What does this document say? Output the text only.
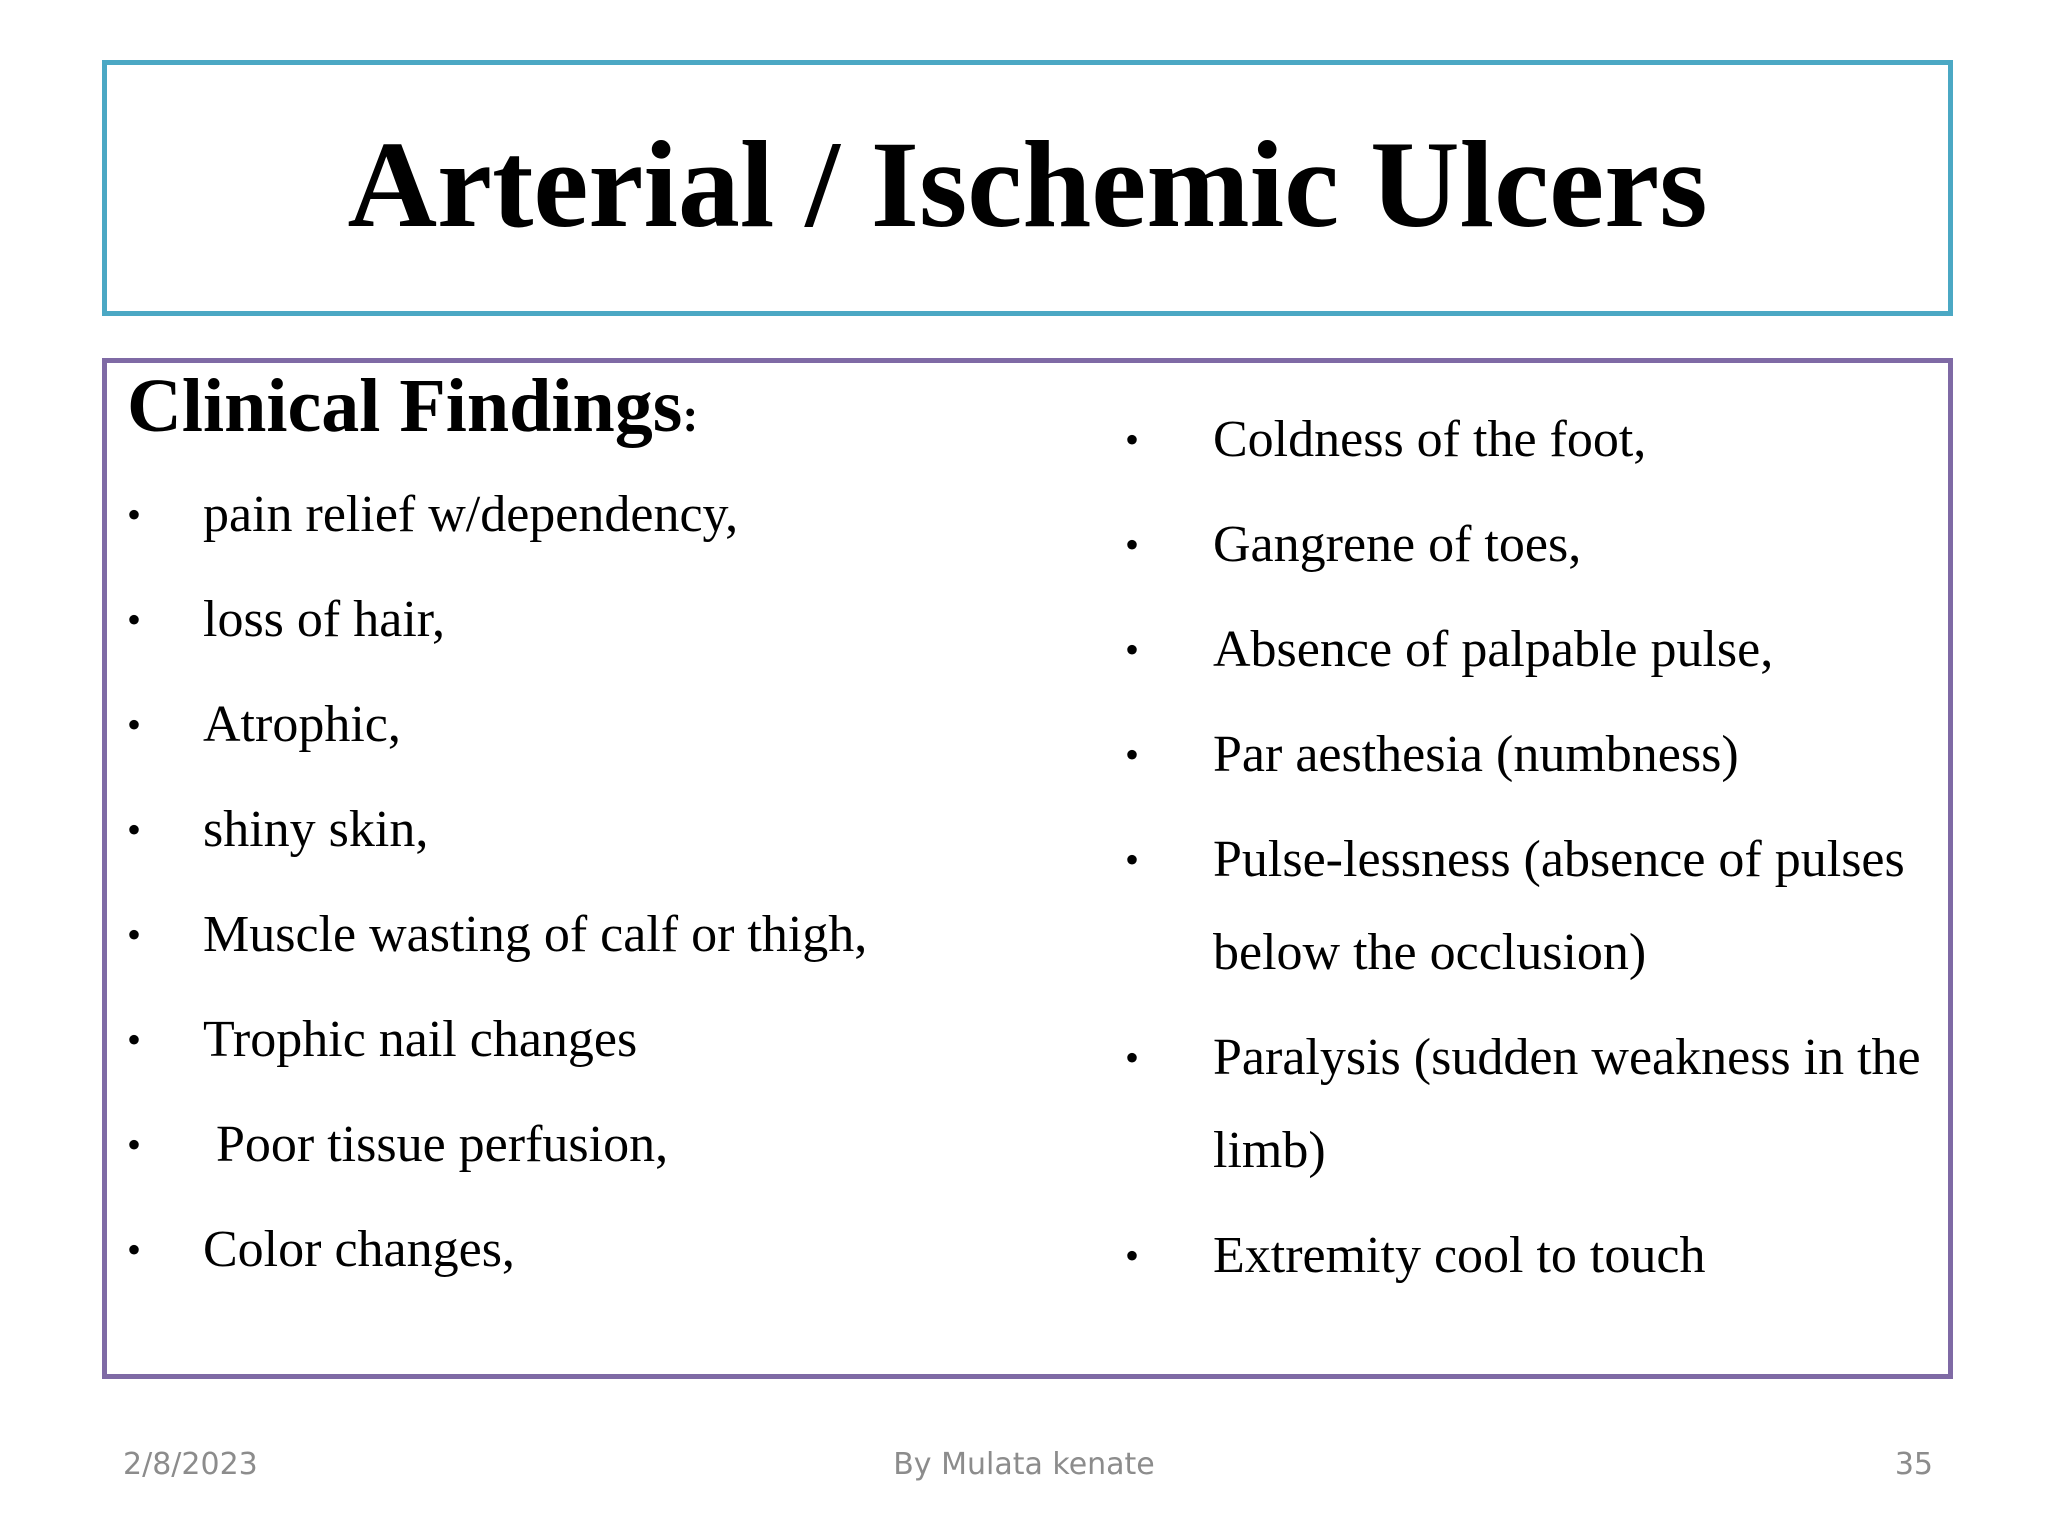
Arterial / Ischemic Ulcers
Clinical Findings:
• pain relief w/dependency,
• loss of hair,
• Atrophic,
• shiny skin,
• Muscle wasting of calf or thigh,
• Trophic nail changes
• Poor tissue perfusion,
• Color changes,
• Coldness of the foot,
• Gangrene of toes,
• Absence of palpable pulse,
• Par aesthesia (numbness)
• Pulse-lessness (absence of pulses below the occlusion)
• Paralysis (sudden weakness in the limb)
• Extremity cool to touch
2/8/2023	By Mulata kenate	35
